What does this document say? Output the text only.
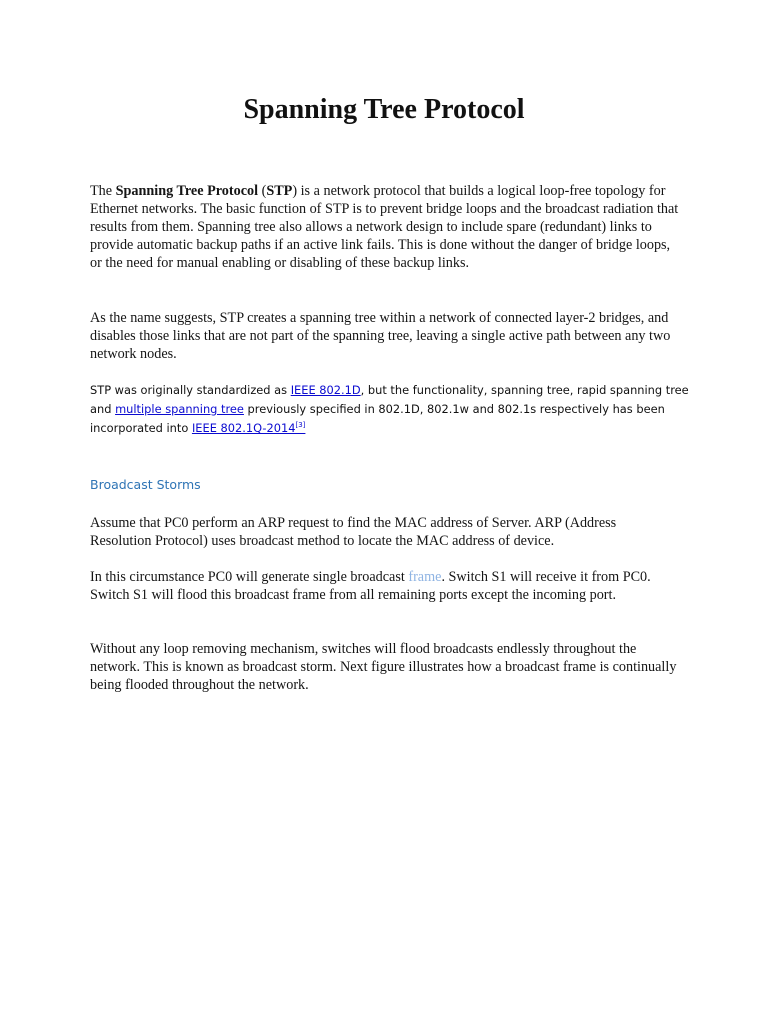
Spanning Tree Protocol

The Spanning Tree Protocol (STP) is a network protocol that builds a logical loop-free topology for Ethernet networks. The basic function of STP is to prevent bridge loops and the broadcast radiation that results from them. Spanning tree also allows a network design to include spare (redundant) links to provide automatic backup paths if an active link fails. This is done without the danger of bridge loops, or the need for manual enabling or disabling of these backup links.

As the name suggests, STP creates a spanning tree within a network of connected layer-2 bridges, and disables those links that are not part of the spanning tree, leaving a single active path between any two network nodes.

STP was originally standardized as IEEE 802.1D, but the functionality, spanning tree, rapid spanning tree and multiple spanning tree previously specified in 802.1D, 802.1w and 802.1s respectively has been incorporated into IEEE 802.1Q-2014[3]

Broadcast Storms

Assume that PC0 perform an ARP request to find the MAC address of Server. ARP (Address Resolution Protocol) uses broadcast method to locate the MAC address of device.

In this circumstance PC0 will generate single broadcast frame. Switch S1 will receive it from PC0. Switch S1 will flood this broadcast frame from all remaining ports except the incoming port.

Without any loop removing mechanism, switches will flood broadcasts endlessly throughout the network. This is known as broadcast storm. Next figure illustrates how a broadcast frame is continually being flooded throughout the network.
